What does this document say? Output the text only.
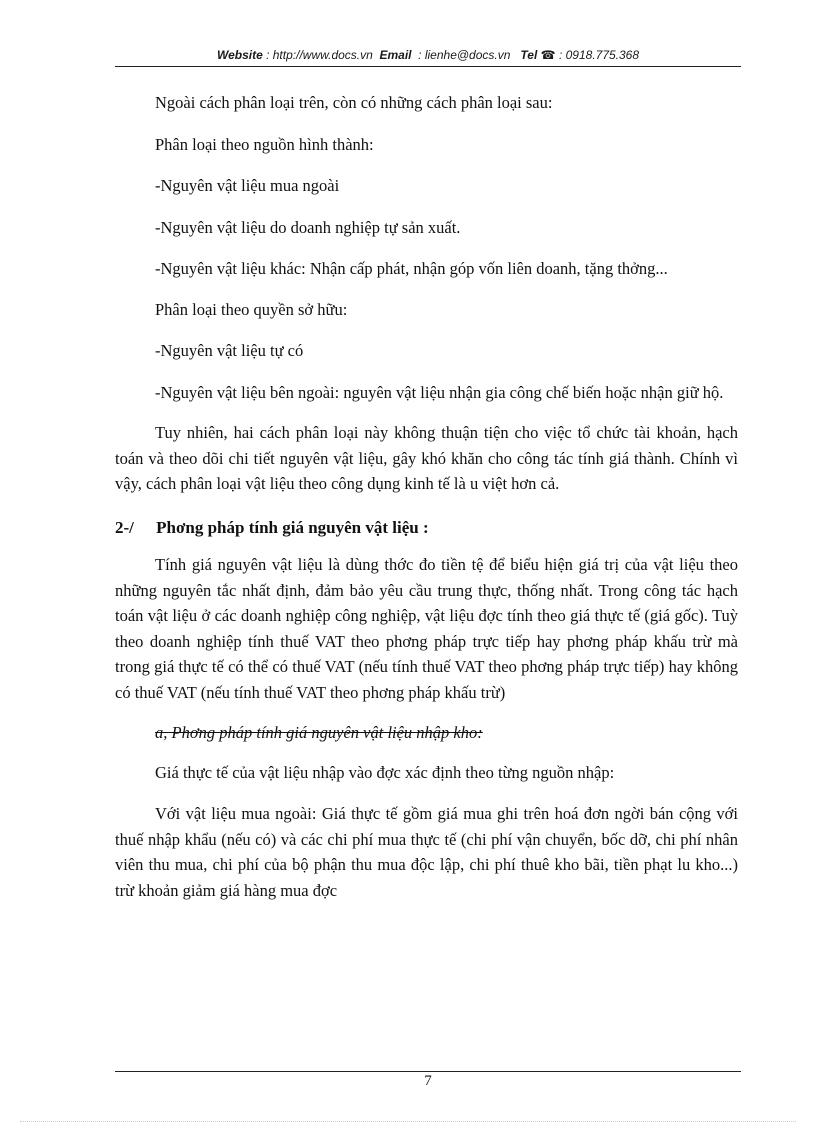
Website : http://www.docs.vn Email : lienhe@docs.vn Tel ☎ : 0918.775.368

Ngoài cách phân loại trên, còn có những cách phân loại sau:

Phân loại theo nguồn hình thành:

-Nguyên vật liệu mua ngoài

-Nguyên vật liệu do doanh nghiệp tự sản xuất.

-Nguyên vật liệu khác: Nhận cấp phát, nhận góp vốn liên doanh, tặng thởng...

Phân loại theo quyền sở hữu:

-Nguyên vật liệu tự có

-Nguyên vật liệu bên ngoài: nguyên vật liệu nhận gia công chế biến hoặc nhận giữ hộ.

Tuy nhiên, hai cách phân loại này không thuận tiện cho việc tổ chức tài khoản, hạch toán và theo dõi chi tiết nguyên vật liệu, gây khó khăn cho công tác tính giá thành. Chính vì vậy, cách phân loại vật liệu theo công dụng kinh tế là u việt hơn cả.

2-/ Phơng pháp tính giá nguyên vật liệu :

Tính giá nguyên vật liệu là dùng thớc đo tiền tệ để biểu hiện giá trị của vật liệu theo những nguyên tắc nhất định, đảm bảo yêu cầu trung thực, thống nhất. Trong công tác hạch toán vật liệu ở các doanh nghiệp công nghiệp, vật liệu đợc tính theo giá thực tế (giá gốc). Tuỳ theo doanh nghiệp tính thuế VAT theo phơng pháp trực tiếp hay phơng pháp khấu trừ mà trong giá thực tế có thể có thuế VAT (nếu tính thuế VAT theo phơng pháp trực tiếp) hay không có thuế VAT (nếu tính thuế VAT theo phơng pháp khấu trừ)

a, Phơng pháp tính giá nguyên vật liệu nhập kho:

Giá thực tế của vật liệu nhập vào đợc xác định theo từng nguồn nhập:

Với vật liệu mua ngoài: Giá thực tế gồm giá mua ghi trên hoá đơn ngời bán cộng với thuế nhập khẩu (nếu có) và các chi phí mua thực tế (chi phí vận chuyển, bốc dỡ, chi phí nhân viên thu mua, chi phí của bộ phận thu mua độc lập, chi phí thuê kho bãi, tiền phạt lu kho...) trừ khoản giảm giá hàng mua đợc

7
